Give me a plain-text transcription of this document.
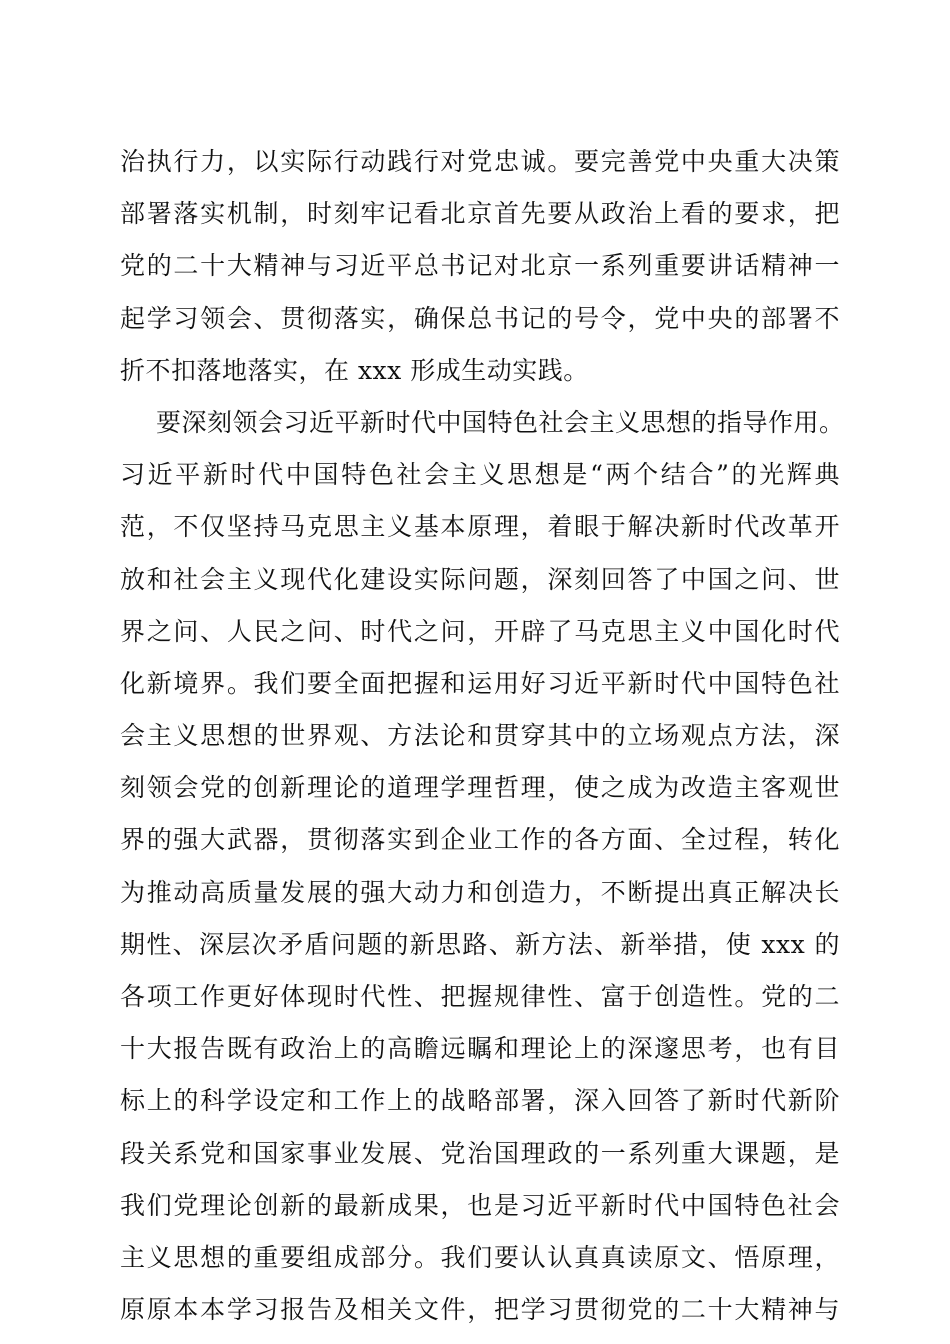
治执行力，以实际行动践行对党忠诚。要完善党中央重大决策
部署落实机制，时刻牢记看北京首先要从政治上看的要求，把
党的二十大精神与习近平总书记对北京一系列重要讲话精神一
起学习领会、贯彻落实，确保总书记的号令，党中央的部署不
折不扣落地落实，在 xxx 形成生动实践。
要深刻领会习近平新时代中国特色社会主义思想的指导作用。
习近平新时代中国特色社会主义思想是“两个结合”的光辉典
范，不仅坚持马克思主义基本原理，着眼于解决新时代改革开
放和社会主义现代化建设实际问题，深刻回答了中国之问、世
界之问、人民之问、时代之问，开辟了马克思主义中国化时代
化新境界。我们要全面把握和运用好习近平新时代中国特色社
会主义思想的世界观、方法论和贯穿其中的立场观点方法，深
刻领会党的创新理论的道理学理哲理，使之成为改造主客观世
界的强大武器，贯彻落实到企业工作的各方面、全过程，转化
为推动高质量发展的强大动力和创造力，不断提出真正解决长
期性、深层次矛盾问题的新思路、新方法、新举措，使 xxx 的
各项工作更好体现时代性、把握规律性、富于创造性。党的二
十大报告既有政治上的高瞻远瞩和理论上的深邃思考，也有目
标上的科学设定和工作上的战略部署，深入回答了新时代新阶
段关系党和国家事业发展、党治国理政的一系列重大课题，是
我们党理论创新的最新成果，也是习近平新时代中国特色社会
主义思想的重要组成部分。我们要认认真真读原文、悟原理，
原原本本学习报告及相关文件，把学习贯彻党的二十大精神与
